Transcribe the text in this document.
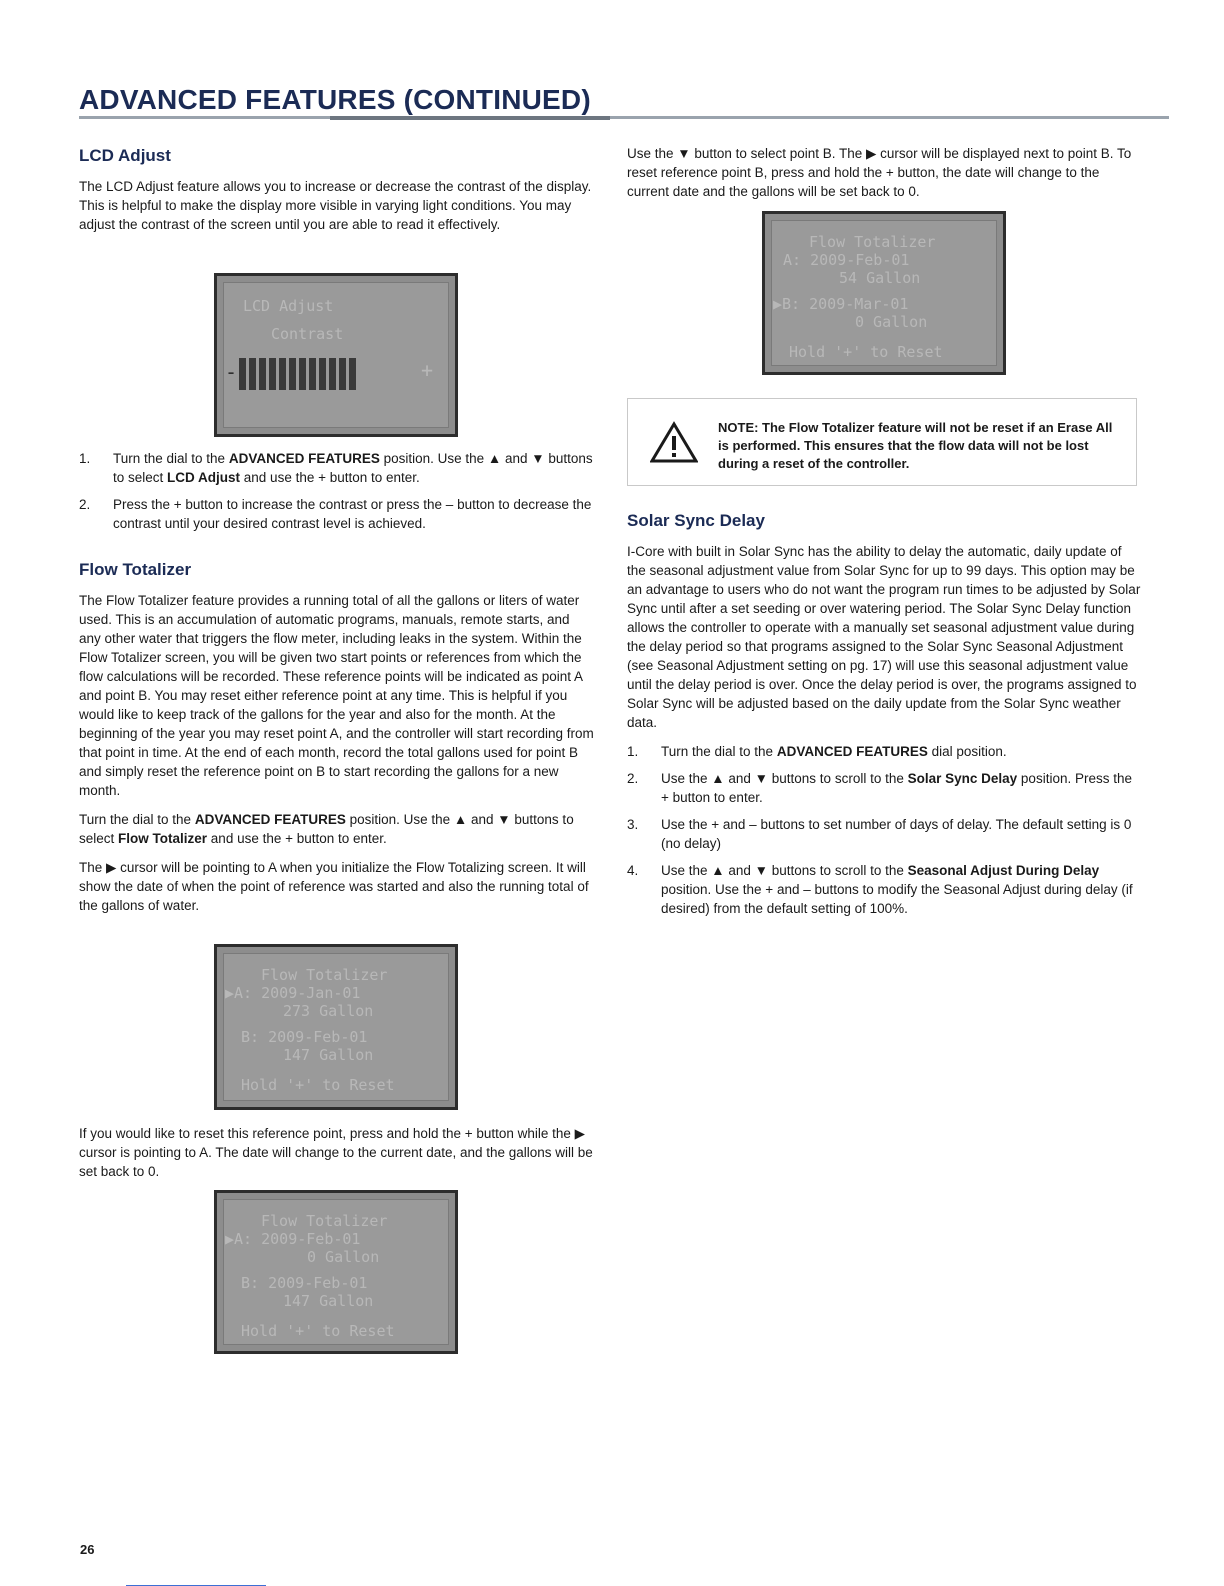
ADVANCED FEATURES (CONTINUED)
LCD Adjust

The LCD Adjust feature allows you to increase or decrease the contrast of the display. This is helpful to make the display more visible in varying light conditions. You may adjust the contrast of the screen until you are able to read it effectively.

LCD Adjust
Contrast
-	+
1. Turn the dial to the ADVANCED FEATURES position. Use the ▲ and ▼ buttons to select LCD Adjust and use the + button to enter.
2. Press the + button to increase the contrast or press the – button to decrease the contrast until your desired contrast level is achieved.
Flow Totalizer

The Flow Totalizer feature provides a running total of all the gallons or liters of water used. This is an accumulation of automatic programs, manuals, remote starts, and any other water that triggers the flow meter, including leaks in the system. Within the Flow Totalizer screen, you will be given two start points or references from which the flow calculations will be recorded. These reference points will be indicated as point A and point B. You may reset either reference point at any time. This is helpful if you would like to keep track of the gallons for the year and also for the month. At the beginning of the year you may reset point A, and the controller will start recording from that point in time. At the end of each month, record the total gallons used for point B and simply reset the reference point on B to start recording the gallons for a new month.

Turn the dial to the ADVANCED FEATURES position. Use the ▲ and ▼ buttons to select Flow Totalizer and use the + button to enter.

The ▶ cursor will be pointing to A when you initialize the Flow Totalizing screen. It will show the date of when the point of reference was started and also the running total of the gallons of water.

Flow Totalizer
▶A: 2009-Jan-01
273 Gallon
B: 2009-Feb-01
147 Gallon
Hold '+' to Reset

If you would like to reset this reference point, press and hold the + button while the ▶ cursor is pointing to A. The date will change to the current date, and the gallons will be set back to 0.

Flow Totalizer
▶A: 2009-Feb-01
0 Gallon
B: 2009-Feb-01
147 Gallon
Hold '+' to Reset

Use the ▼ button to select point B. The ▶ cursor will be displayed next to point B. To reset reference point B, press and hold the + button, the date will change to the current date and the gallons will be set back to 0.

Flow Totalizer
A: 2009-Feb-01
54 Gallon
▶B: 2009-Mar-01
0 Gallon
Hold '+' to Reset
NOTE: The Flow Totalizer feature will not be reset if an Erase All is performed. This ensures that the flow data will not be lost during a reset of the controller.
Solar Sync Delay

I-Core with built in Solar Sync has the ability to delay the automatic, daily update of the seasonal adjustment value from Solar Sync for up to 99 days. This option may be an advantage to users who do not want the program run times to be adjusted by Solar Sync until after a set seeding or over watering period. The Solar Sync Delay function allows the controller to operate with a manually set seasonal adjustment value during the delay period so that programs assigned to the Solar Sync Seasonal Adjustment (see Seasonal Adjustment setting on pg. 17) will use this seasonal adjustment value until the delay period is over. Once the delay period is over, the programs assigned to Solar Sync will be adjusted based on the daily update from the Solar Sync weather data.

1. Turn the dial to the ADVANCED FEATURES dial position.
2. Use the ▲ and ▼ buttons to scroll to the Solar Sync Delay position. Press the + button to enter.
3. Use the + and – buttons to set number of days of delay. The default setting is 0 (no delay)
4. Use the ▲ and ▼ buttons to scroll to the Seasonal Adjust During Delay position. Use the + and – buttons to modify the Seasonal Adjust during delay (if desired) from the default setting of 100%.
26
